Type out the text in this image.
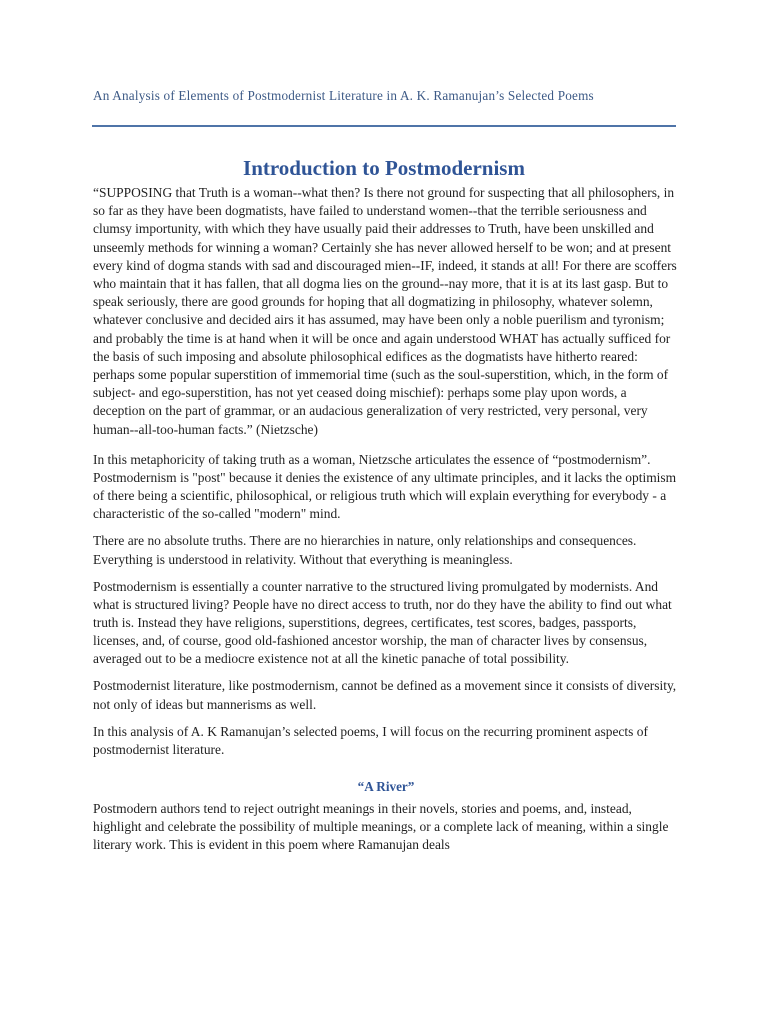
An Analysis of Elements of Postmodernist Literature in A. K. Ramanujan’s Selected Poems
Introduction to Postmodernism

“SUPPOSING that Truth is a woman--what then? Is there not ground for suspecting that all philosophers, in so far as they have been dogmatists, have failed to understand women--that the terrible seriousness and clumsy importunity, with which they have usually paid their addresses to Truth, have been unskilled and unseemly methods for winning a woman? Certainly she has never allowed herself to be won; and at present every kind of dogma stands with sad and discouraged mien--IF, indeed, it stands at all! For there are scoffers who maintain that it has fallen, that all dogma lies on the ground--nay more, that it is at its last gasp. But to speak seriously, there are good grounds for hoping that all dogmatizing in philosophy, whatever solemn, whatever conclusive and decided airs it has assumed, may have been only a noble puerilism and tyronism; and probably the time is at hand when it will be once and again understood WHAT has actually sufficed for the basis of such imposing and absolute philosophical edifices as the dogmatists have hitherto reared: perhaps some popular superstition of immemorial time (such as the soul-superstition, which, in the form of subject- and ego-superstition, has not yet ceased doing mischief): perhaps some play upon words, a deception on the part of grammar, or an audacious generalization of very restricted, very personal, very human--all-too-human facts.” (Nietzsche)

In this metaphoricity of taking truth as a woman, Nietzsche articulates the essence of “postmodernism”. Postmodernism is "post" because it denies the existence of any ultimate principles, and it lacks the optimism of there being a scientific, philosophical, or religious truth which will explain everything for everybody - a characteristic of the so-called "modern" mind.

There are no absolute truths. There are no hierarchies in nature, only relationships and consequences. Everything is understood in relativity. Without that everything is meaningless.

Postmodernism is essentially a counter narrative to the structured living promulgated by modernists. And what is structured living? People have no direct access to truth, nor do they have the ability to find out what truth is. Instead they have religions, superstitions, degrees, certificates, test scores, badges, passports, licenses, and, of course, good old-fashioned ancestor worship, the man of character lives by consensus, averaged out to be a mediocre existence not at all the kinetic panache of total possibility.

Postmodernist literature, like postmodernism, cannot be defined as a movement since it consists of diversity, not only of ideas but mannerisms as well.

In this analysis of A. K Ramanujan’s selected poems, I will focus on the recurring prominent aspects of postmodernist literature.

“A River”

Postmodern authors tend to reject outright meanings in their novels, stories and poems, and, instead, highlight and celebrate the possibility of multiple meanings, or a complete lack of meaning, within a single literary work. This is evident in this poem where Ramanujan deals
